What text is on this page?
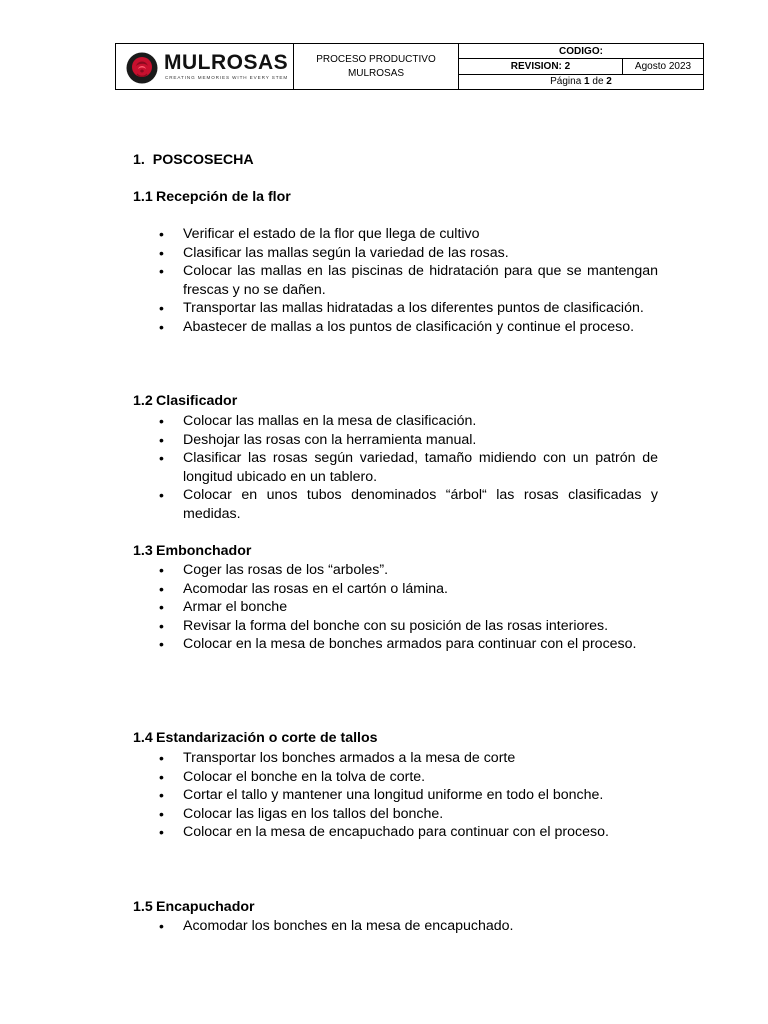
MULROSAS
CREATING MEMORIES WITH EVERY STEM
PROCESO PRODUCTIVO
MULROSAS
CODIGO:
REVISION: 2	Agosto 2023
Página
1
de
2
1. POSCOSECHA
1.1 Recepción de la flor
• Verificar el estado de la flor que llega de cultivo
• Clasificar las mallas según la variedad de las rosas.
• Colocar las mallas en las piscinas de hidratación para que se mantengan frescas y no se dañen.
• Transportar las mallas hidratadas a los diferentes puntos de clasificación.
• Abastecer de mallas a los puntos de clasificación y continue el proceso.
1.2 Clasificador
• Colocar las mallas en la mesa de clasificación.
• Deshojar las rosas con la herramienta manual.
• Clasificar las rosas según variedad, tamaño midiendo con un patrón de longitud ubicado en un tablero.
• Colocar en unos tubos denominados “árbol“ las rosas clasificadas y medidas.
1.3 Embonchador
• Coger las rosas de los “arboles”.
• Acomodar las rosas en el cartón o lámina.
• Armar el bonche
• Revisar la forma del bonche con su posición de las rosas interiores.
• Colocar en la mesa de bonches armados para continuar con el proceso.
1.4 Estandarización o corte de tallos
• Transportar los bonches armados a la mesa de corte
• Colocar el bonche en la tolva de corte.
• Cortar el tallo y mantener una longitud uniforme en todo el bonche.
• Colocar las ligas en los tallos del bonche.
• Colocar en la mesa de encapuchado para continuar con el proceso.
1.5 Encapuchador
• Acomodar los bonches en la mesa de encapuchado.
